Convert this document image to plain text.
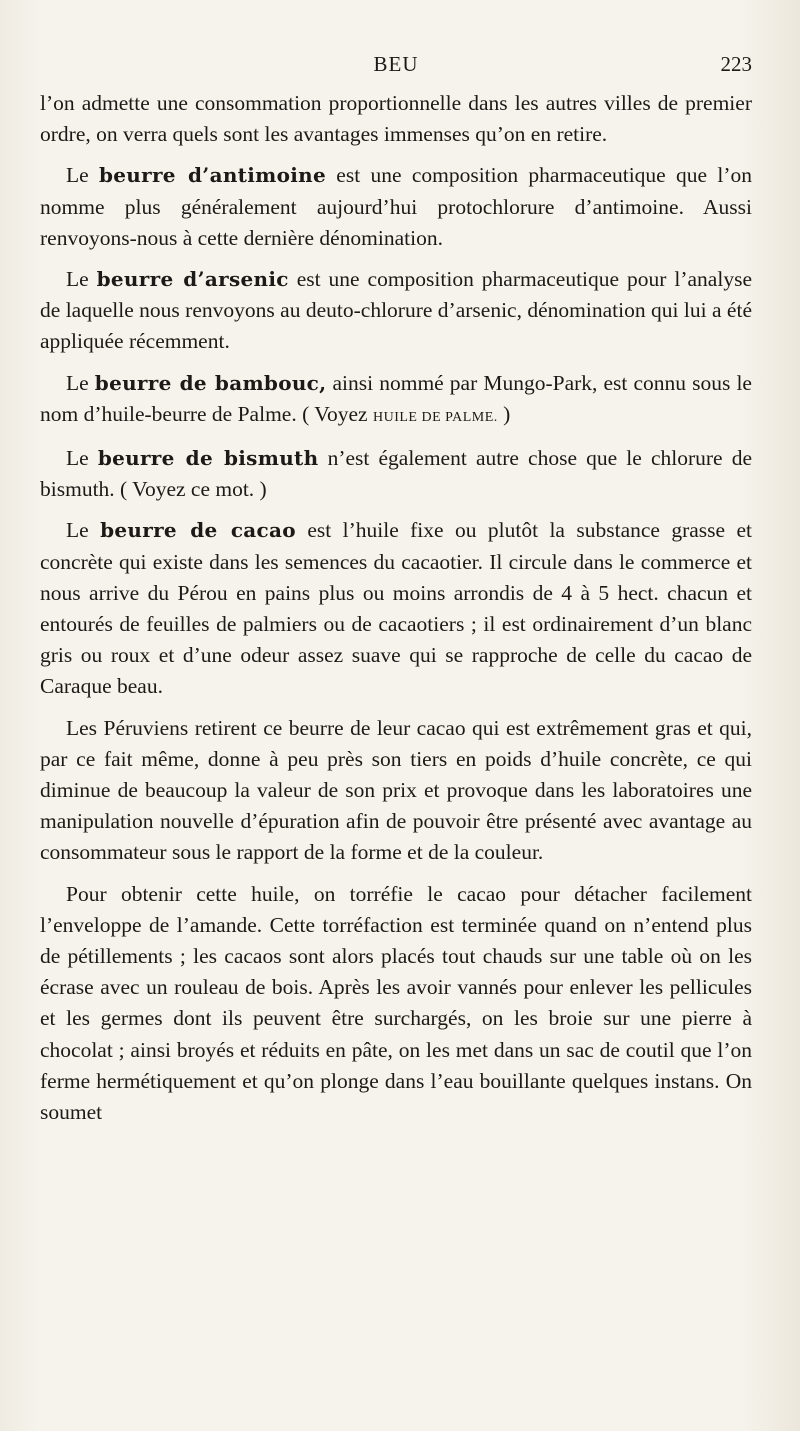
BEU	223

l’on admette une consommation proportionnelle dans les autres villes de premier ordre, on verra quels sont les avantages immenses qu’on en retire.

Le beurre d’antimoine est une composition pharmaceutique que l’on nomme plus généralement aujourd’hui protochlorure d’antimoine. Aussi renvoyons-nous à cette dernière dénomination.

Le beurre d’arsenic est une composition pharmaceutique pour l’analyse de laquelle nous renvoyons au deuto-chlorure d’arsenic, dénomination qui lui a été appliquée récemment.

Le beurre de bambouc, ainsi nommé par Mungo-Park, est connu sous le nom d’huile-beurre de Palme. ( Voyez HUILE DE PALME. )

Le beurre de bismuth n’est également autre chose que le chlorure de bismuth. ( Voyez ce mot. )

Le beurre de cacao est l’huile fixe ou plutôt la substance grasse et concrète qui existe dans les semences du cacaotier. Il circule dans le commerce et nous arrive du Pérou en pains plus ou moins arrondis de 4 à 5 hect. chacun et entourés de feuilles de palmiers ou de cacaotiers ; il est ordinairement d’un blanc gris ou roux et d’une odeur assez suave qui se rapproche de celle du cacao de Caraque beau.

Les Péruviens retirent ce beurre de leur cacao qui est extrêmement gras et qui, par ce fait même, donne à peu près son tiers en poids d’huile concrète, ce qui diminue de beaucoup la valeur de son prix et provoque dans les laboratoires une manipulation nouvelle d’épuration afin de pouvoir être présenté avec avantage au consommateur sous le rapport de la forme et de la couleur.

Pour obtenir cette huile, on torréfie le cacao pour détacher facilement l’enveloppe de l’amande. Cette torréfaction est terminée quand on n’entend plus de pétillements ; les cacaos sont alors placés tout chauds sur une table où on les écrase avec un rouleau de bois. Après les avoir vannés pour enlever les pellicules et les germes dont ils peuvent être surchargés, on les broie sur une pierre à chocolat ; ainsi broyés et réduits en pâte, on les met dans un sac de coutil que l’on ferme hermétiquement et qu’on plonge dans l’eau bouillante quelques instans. On soumet
